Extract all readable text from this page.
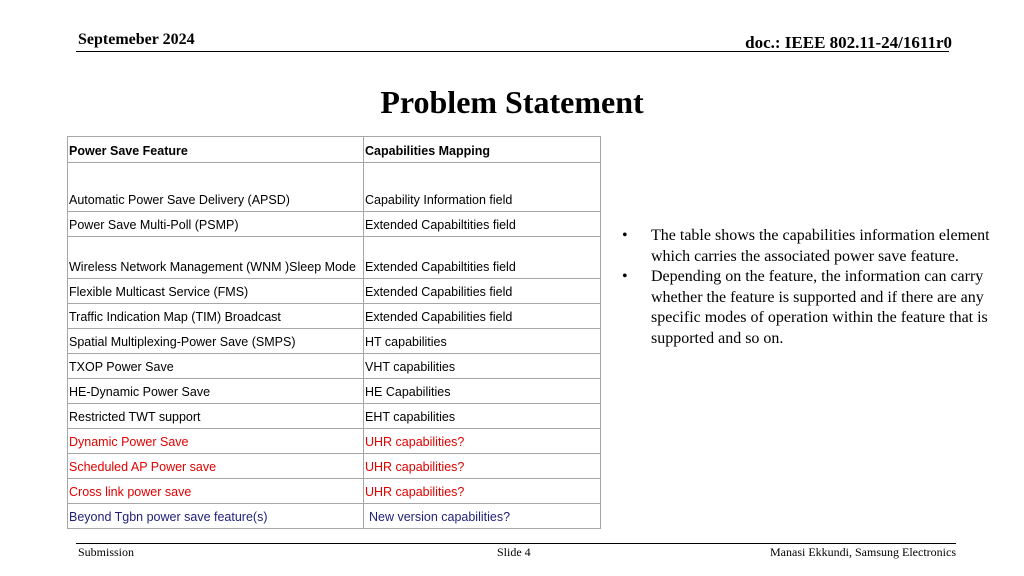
Septemeber 2024	doc.: IEEE 802.11-24/1611r0
Problem Statement
Power Save Feature	Capabilities Mapping
Automatic Power Save Delivery (APSD)	Capability Information field
Power Save Multi-Poll (PSMP)	Extended Capabiltities field
Wireless Network Management (WNM )Sleep Mode	Extended Capabiltities field
Flexible Multicast Service (FMS)	Extended Capabilities field
Traffic Indication Map (TIM) Broadcast	Extended Capabilities field
Spatial Multiplexing-Power Save (SMPS)	HT capabilities
TXOP Power Save	VHT capabilities
HE-Dynamic Power Save	HE Capabilities
Restricted TWT support	EHT capabilities
Dynamic Power Save	UHR capabilities?
Scheduled AP Power save	UHR capabilities?
Cross link power save	UHR capabilities?
Beyond Tgbn power save feature(s)	New version capabilities?
• The table shows the capabilities information element which carries the associated power save feature.
• Depending on the feature, the information can carry whether the feature is supported and if there are any specific modes of operation within the feature that is supported and so on.
Submission	Slide 4	Manasi Ekkundi, Samsung Electronics
